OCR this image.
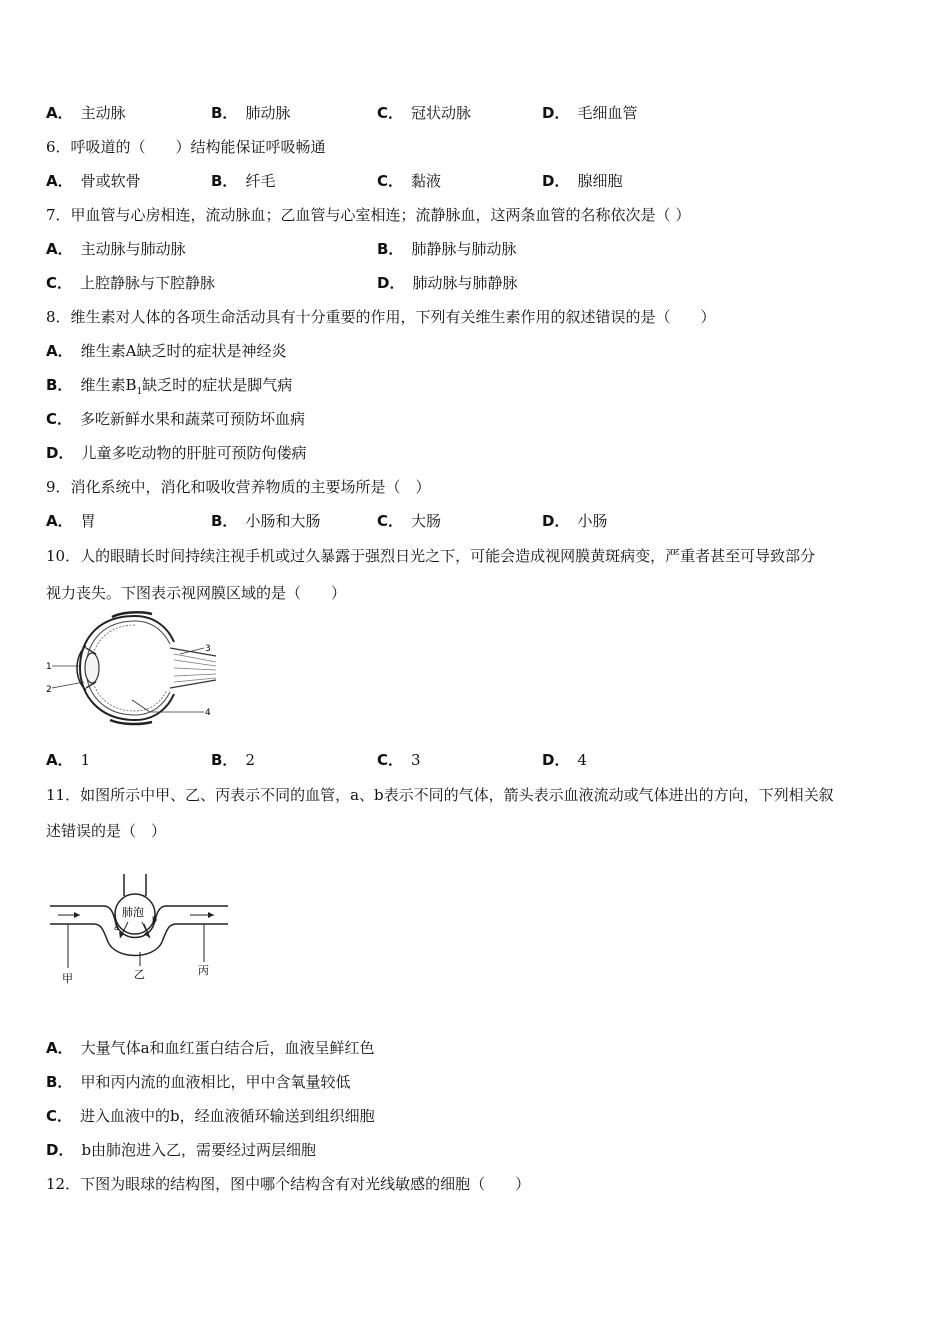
A． 主动脉	B． 肺动脉	C． 冠状动脉	D． 毛细血管
6．呼吸道的（　　）结构能保证呼吸畅通
A． 骨或软骨	B． 纤毛	C． 黏液	D． 腺细胞
7．甲血管与心房相连，流动脉血；乙血管与心室相连；流静脉血，这两条血管的名称依次是（ ）
A． 主动脉与肺动脉	B． 肺静脉与肺动脉
C． 上腔静脉与下腔静脉	D． 肺动脉与肺静脉
8．维生素对人体的各项生命活动具有十分重要的作用，下列有关维生素作用的叙述错误的是（　　）
A． 维生素A缺乏时的症状是神经炎
B． 维生素$B_1$缺乏时的症状是脚气病
C． 多吃新鲜水果和蔬菜可预防坏血病
D． 儿童多吃动物的肝脏可预防佝偻病
9．消化系统中，消化和吸收营养物质的主要场所是（　）
A． 胃	B． 小肠和大肠	C． 大肠	D． 小肠
10．人的眼睛长时间持续注视手机或过久暴露于强烈日光之下，可能会造成视网膜黄斑病变，严重者甚至可导致部分
视力丧失。下图表示视网膜区域的是（　　）
1
2
3
4
A． 1	B． 2	C． 3	D． 4
11．如图所示中甲、乙、丙表示不同的血管，a、b表示不同的气体，箭头表示血液流动或气体进出的方向，下列相关叙
述错误的是（　）
肺泡
a
b
甲	乙	丙
A． 大量气体a和血红蛋白结合后，血液呈鲜红色
B． 甲和丙内流的血液相比，甲中含氧量较低
C． 进入血液中的b，经血液循环输送到组织细胞
D． b由肺泡进入乙，需要经过两层细胞
12．下图为眼球的结构图，图中哪个结构含有对光线敏感的细胞（　　）
